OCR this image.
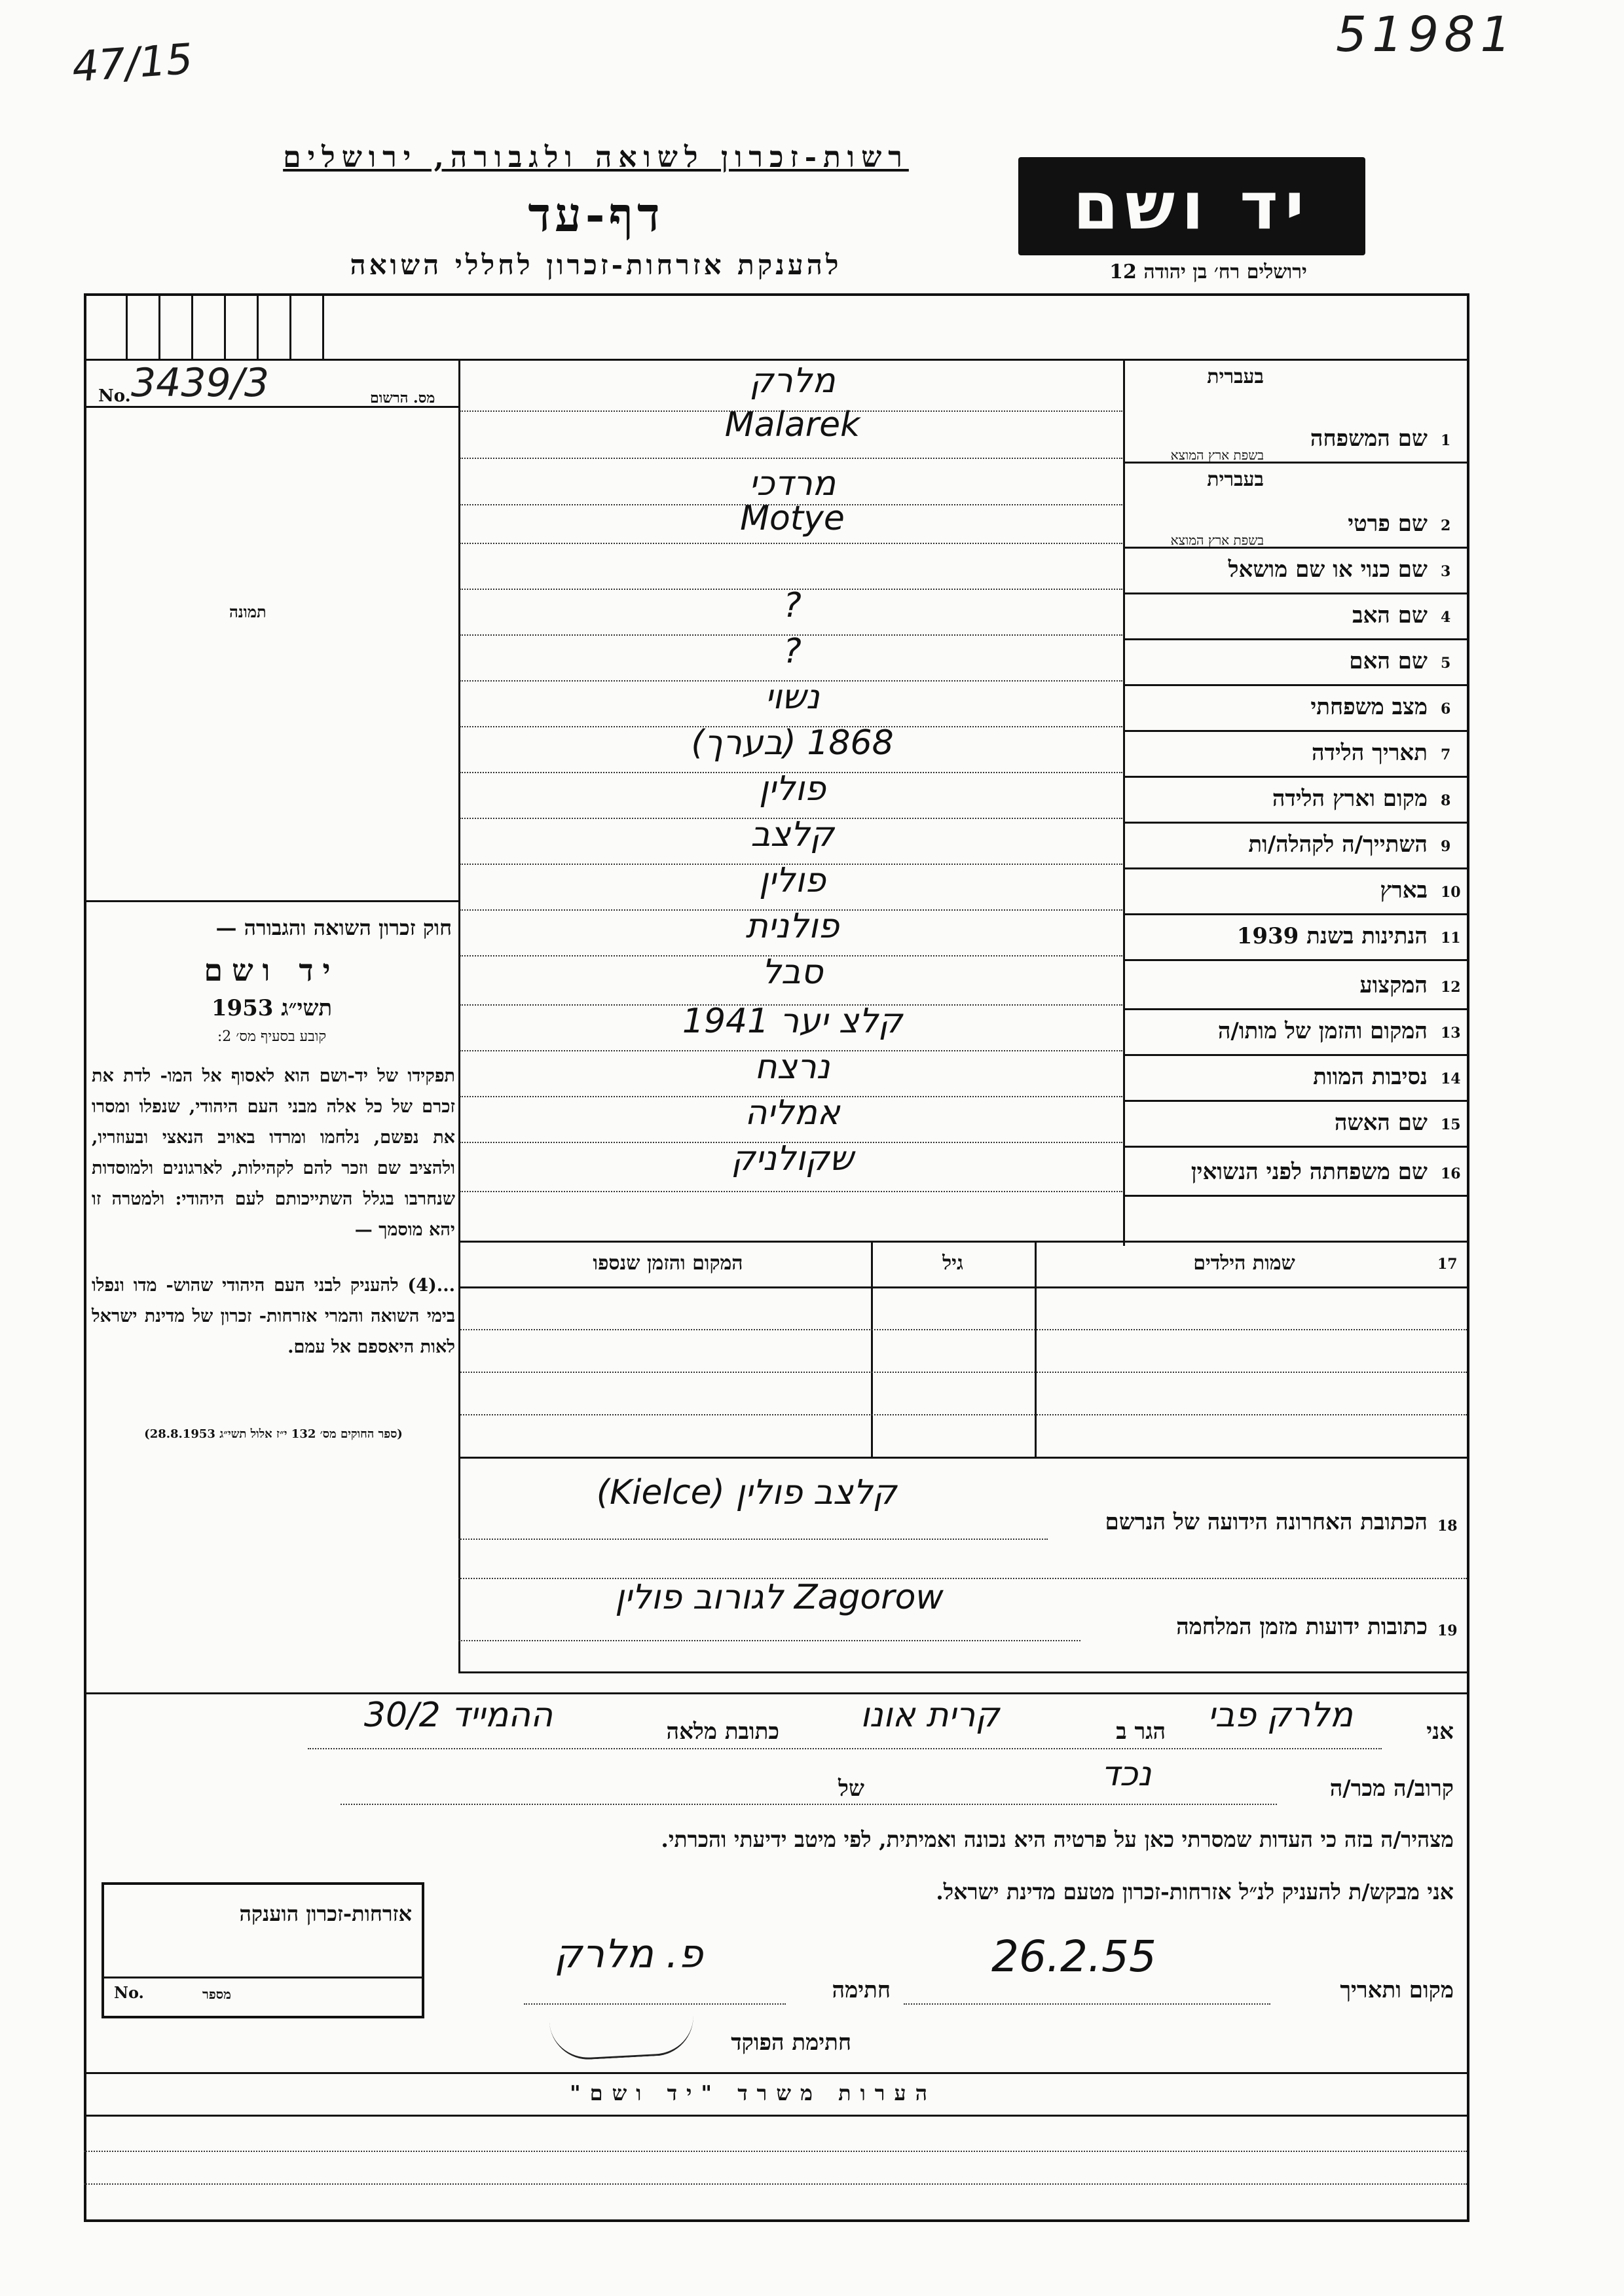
51981
47/15
רשות-זכרון לשואה ולגבורה, ירושלים
דף-עד
להענקת אזרחות-זכרון לחללי השואה
יד ושם
ירושלים רח׳ בן יהודה 12
No. 3439/3	מס. הרשום
תמונה
חוק זכרון השואה והגבורה —
יד ושם
תשי״ג 1953
קובע בסעיף מס׳ 2:
תפקידו של יד-ושם הוא לאסוף אל המו- לדת את זכרם של כל אלה מבני העם היהודי, שנפלו ומסרו את נפשם, נלחמו ומרדו באויב הנאצי ובעוזריו, ולהציב שם וזכר להם לקהילות, לארגונים ולמוסדות שנחרבו בגלל השתייכותם לעם היהודי: ולמטרה זו יהא מוסמך —
...(4) להעניק לבני העם היהודי שהוש- מדו ונפלו בימי השואה והמרי אזרחות- זכרון של מדינת ישראל לאות היאספם אל עמם.
(ספר החוקים מס׳ 132 י״ז אלול תשי״ג 28.8.1953)
1
שם המשפחה
בעברית
בשפת ארץ המוצא
Malarek
מלרק
2
שם פרטי
בעברית
בשפת ארץ המוצא
Motye
מרדכי
3
שם כנוי או שם מושאל
4
שם האב
?
5
שם האם
?
6
מצב משפחתי
נשוי
7
תאריך הלידה
1868 (בערך)
8
מקום וארץ הלידה
פולין
9
השתייך/ה לקהלה/ות
קלצב
10
בארץ
פולין
11
הנתינות בשנת 1939
פולנית
12
המקצוע
סבל
13
המקום והזמן של מותו/ה
קלצ יער 1941
14
נסיבות המוות
נרצח
15
שם האשה
אמליה
16
שם משפחתה לפני הנשואין
שקולניק
17
שמות הילדים
גיל
המקום והזמן שנספו
18
הכתובת האחרונה הידועה של הנרשם
קלצב פולין (Kielce)
19
כתובות ידועות מזמן המלחמה
Zagorow לגורוב פולין
אני
מלרק פבי
הגר ב
קרית אונו
כתובת מלאה
ההמייד 30/2
קרוב/ה מכר/ה
נכד
של
מצהיר/ה בזה כי העדות שמסרתי כאן על פרטיה היא נכונה ואמיתית, לפי מיטב ידיעתי והכרתי.
אני מבקש/ת להעניק לנ״ל אזרחות-זכרון מטעם מדינת ישראל.
אזרחות-זכרון הוענקה
No.	מספר	מקום ותאריך
26.2.55
חתימה
פ. מלרק
חתימת הפוקד
הערות משרד "יד ושם"
